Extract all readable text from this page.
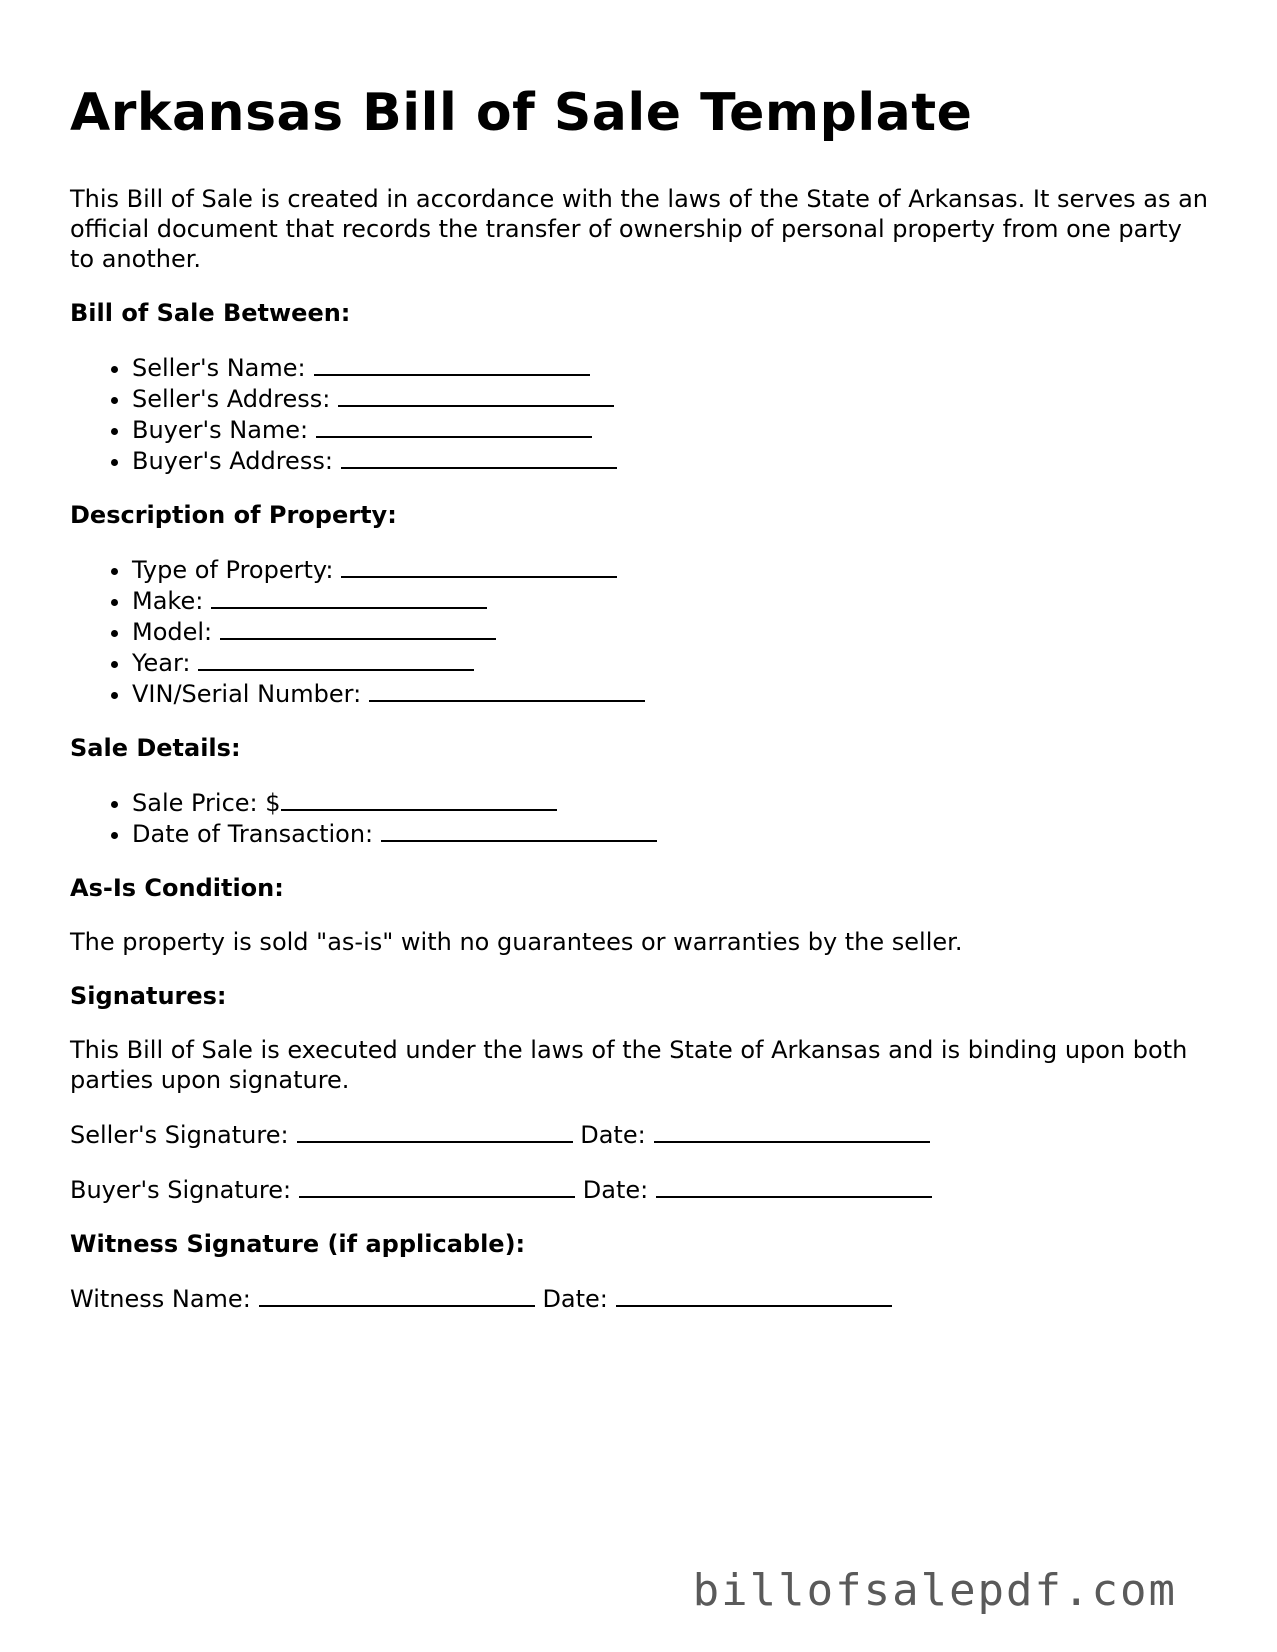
Arkansas Bill of Sale Template

This Bill of Sale is created in accordance with the laws of the State of Arkansas. It serves as an official document that records the transfer of ownership of personal property from one party to another.

Bill of Sale Between:
• Seller's Name:
• Seller's Address:
• Buyer's Name:
• Buyer's Address:
Description of Property:
• Type of Property:
• Make:
• Model:
• Year:
• VIN/Serial Number:
Sale Details:
• Sale Price: $
• Date of Transaction:
As-Is Condition:

The property is sold "as-is" with no guarantees or warranties by the seller.

Signatures:

This Bill of Sale is executed under the laws of the State of Arkansas and is binding upon both parties upon signature.

Seller's Signature:	Date:

Buyer's Signature:	Date:

Witness Signature (if applicable):

Witness Name:	Date:

billofsalepdf.com
